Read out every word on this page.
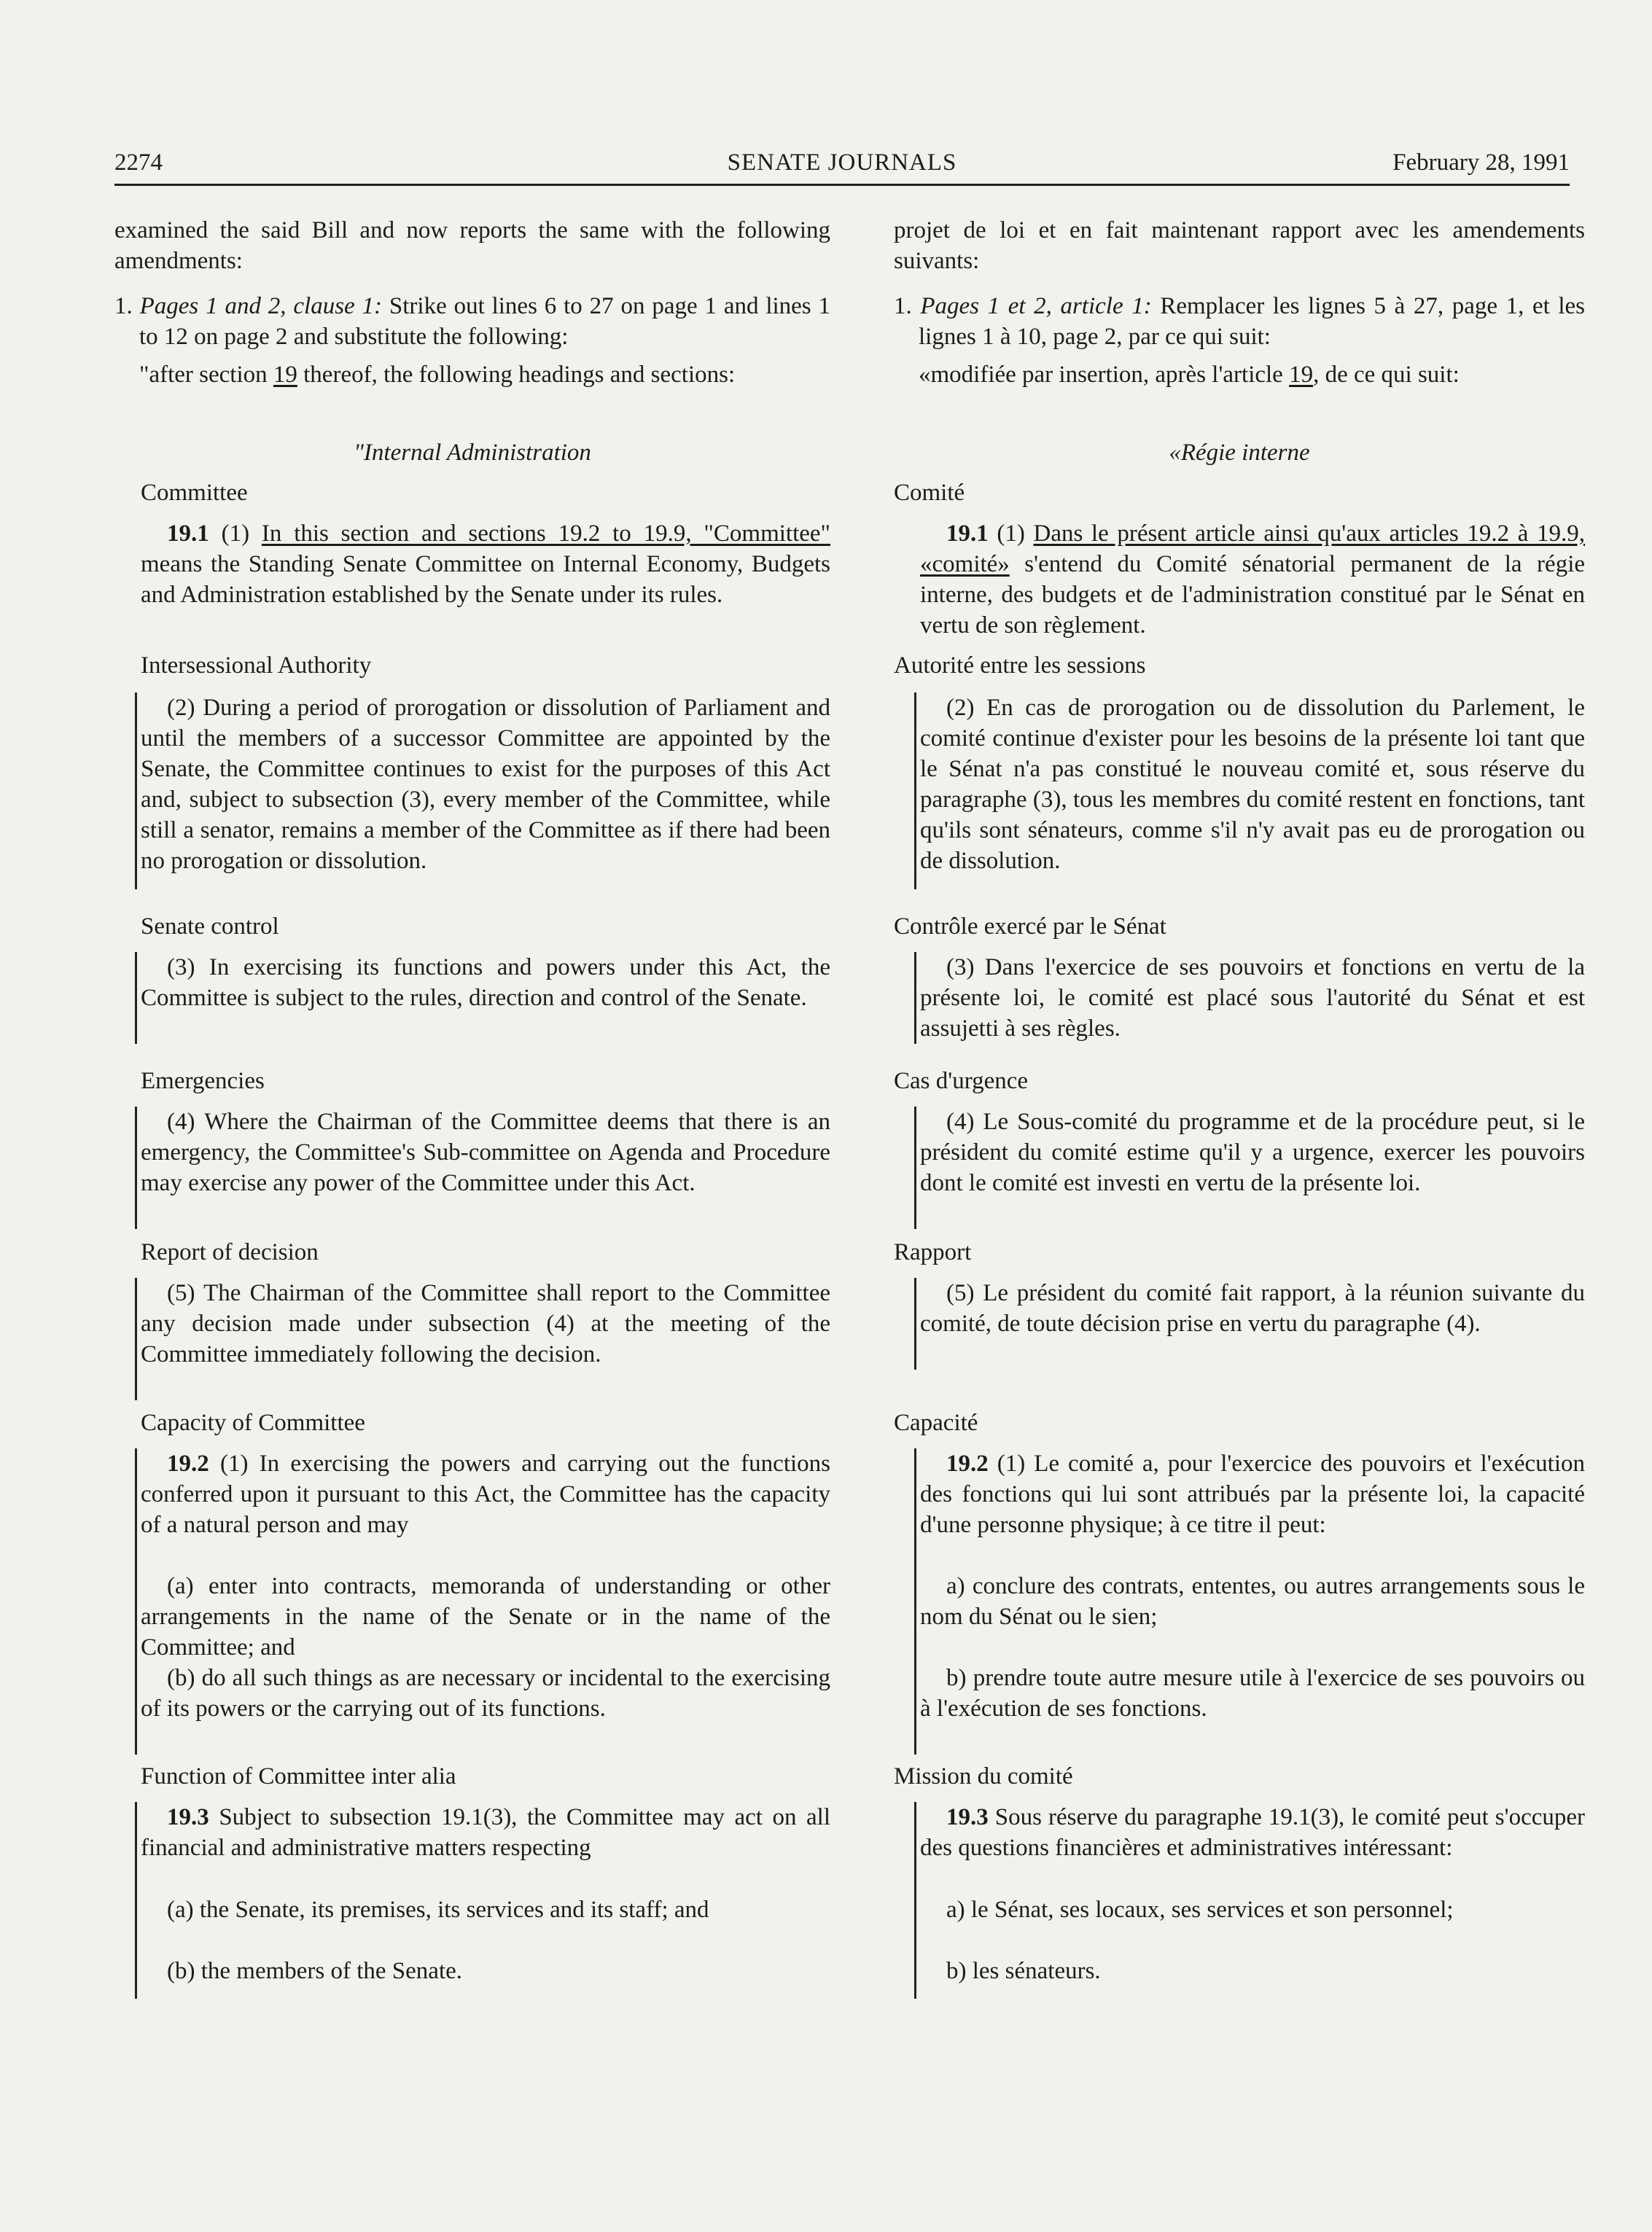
2274	SENATE JOURNALS	February 28, 1991

examined the said Bill and now reports the same with the following amendments:

1. Pages 1 and 2, clause 1: Strike out lines 6 to 27 on page 1 and lines 1 to 12 on page 2 and substitute the following:

"after section 19 thereof, the following headings and sections:

"Internal Administration

Committee

19.1 (1) In this section and sections 19.2 to 19.9, "Committee" means the Standing Senate Committee on Internal Economy, Budgets and Administration established by the Senate under its rules.

Intersessional Authority

(2) During a period of prorogation or dissolution of Parliament and until the members of a successor Committee are appointed by the Senate, the Committee continues to exist for the purposes of this Act and, subject to subsection (3), every member of the Committee, while still a senator, remains a member of the Committee as if there had been no prorogation or dissolution.

Senate control

(3) In exercising its functions and powers under this Act, the Committee is subject to the rules, direction and control of the Senate.

Emergencies

(4) Where the Chairman of the Committee deems that there is an emergency, the Committee's Sub-committee on Agenda and Procedure may exercise any power of the Committee under this Act.

Report of decision

(5) The Chairman of the Committee shall report to the Committee any decision made under subsection (4) at the meeting of the Committee immediately following the decision.

Capacity of Committee

19.2 (1) In exercising the powers and carrying out the functions conferred upon it pursuant to this Act, the Committee has the capacity of a natural person and may

(a) enter into contracts, memoranda of understanding or other arrangements in the name of the Senate or in the name of the Committee; and

(b) do all such things as are necessary or incidental to the exercising of its powers or the carrying out of its functions.

Function of Committee inter alia

19.3 Subject to subsection 19.1(3), the Committee may act on all financial and administrative matters respecting

(a) the Senate, its premises, its services and its staff; and

(b) the members of the Senate.

projet de loi et en fait maintenant rapport avec les amendements suivants:

1. Pages 1 et 2, article 1: Remplacer les lignes 5 à 27, page 1, et les lignes 1 à 10, page 2, par ce qui suit:

«modifiée par insertion, après l'article 19, de ce qui suit:

«Régie interne

Comité

19.1 (1) Dans le présent article ainsi qu'aux articles 19.2 à 19.9, «comité» s'entend du Comité sénatorial permanent de la régie interne, des budgets et de l'administration constitué par le Sénat en vertu de son règlement.

Autorité entre les sessions

(2) En cas de prorogation ou de dissolution du Parlement, le comité continue d'exister pour les besoins de la présente loi tant que le Sénat n'a pas constitué le nouveau comité et, sous réserve du paragraphe (3), tous les membres du comité restent en fonctions, tant qu'ils sont sénateurs, comme s'il n'y avait pas eu de prorogation ou de dissolution.

Contrôle exercé par le Sénat

(3) Dans l'exercice de ses pouvoirs et fonctions en vertu de la présente loi, le comité est placé sous l'autorité du Sénat et est assujetti à ses règles.

Cas d'urgence

(4) Le Sous-comité du programme et de la procédure peut, si le président du comité estime qu'il y a urgence, exercer les pouvoirs dont le comité est investi en vertu de la présente loi.

Rapport

(5) Le président du comité fait rapport, à la réunion suivante du comité, de toute décision prise en vertu du paragraphe (4).

Capacité

19.2 (1) Le comité a, pour l'exercice des pouvoirs et l'exécution des fonctions qui lui sont attribués par la présente loi, la capacité d'une personne physique; à ce titre il peut:

a) conclure des contrats, ententes, ou autres arrangements sous le nom du Sénat ou le sien;

b) prendre toute autre mesure utile à l'exercice de ses pouvoirs ou à l'exécution de ses fonctions.

Mission du comité

19.3 Sous réserve du paragraphe 19.1(3), le comité peut s'occuper des questions financières et administratives intéressant:

a) le Sénat, ses locaux, ses services et son personnel;

b) les sénateurs.
